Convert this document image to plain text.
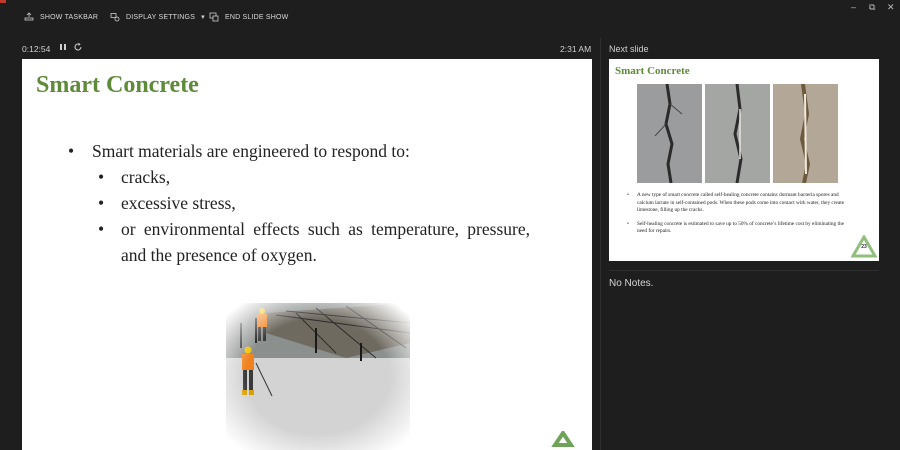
SHOW TASKBAR	DISPLAY SETTINGS ▾	END SLIDE SHOW
– ⧉ ✕
0:12:54	2:31 AM Next slide
Smart Concrete
• Smart materials are engineered to respond to:
• cracks,
• excessive stress,
• or environmental effects such as temperature, pressure, and the presence of oxygen.
Smart Concrete
• A new type of smart concrete called self-healing concrete contains dormant bacteria spores and calcium lactate in self-contained pods. When these pods come into contact with water, they create limestone, filling up the cracks.
• Self-healing concrete is estimated to save up to 50% of concrete’s lifetime cost by eliminating the need for repairs.
23
No Notes.
